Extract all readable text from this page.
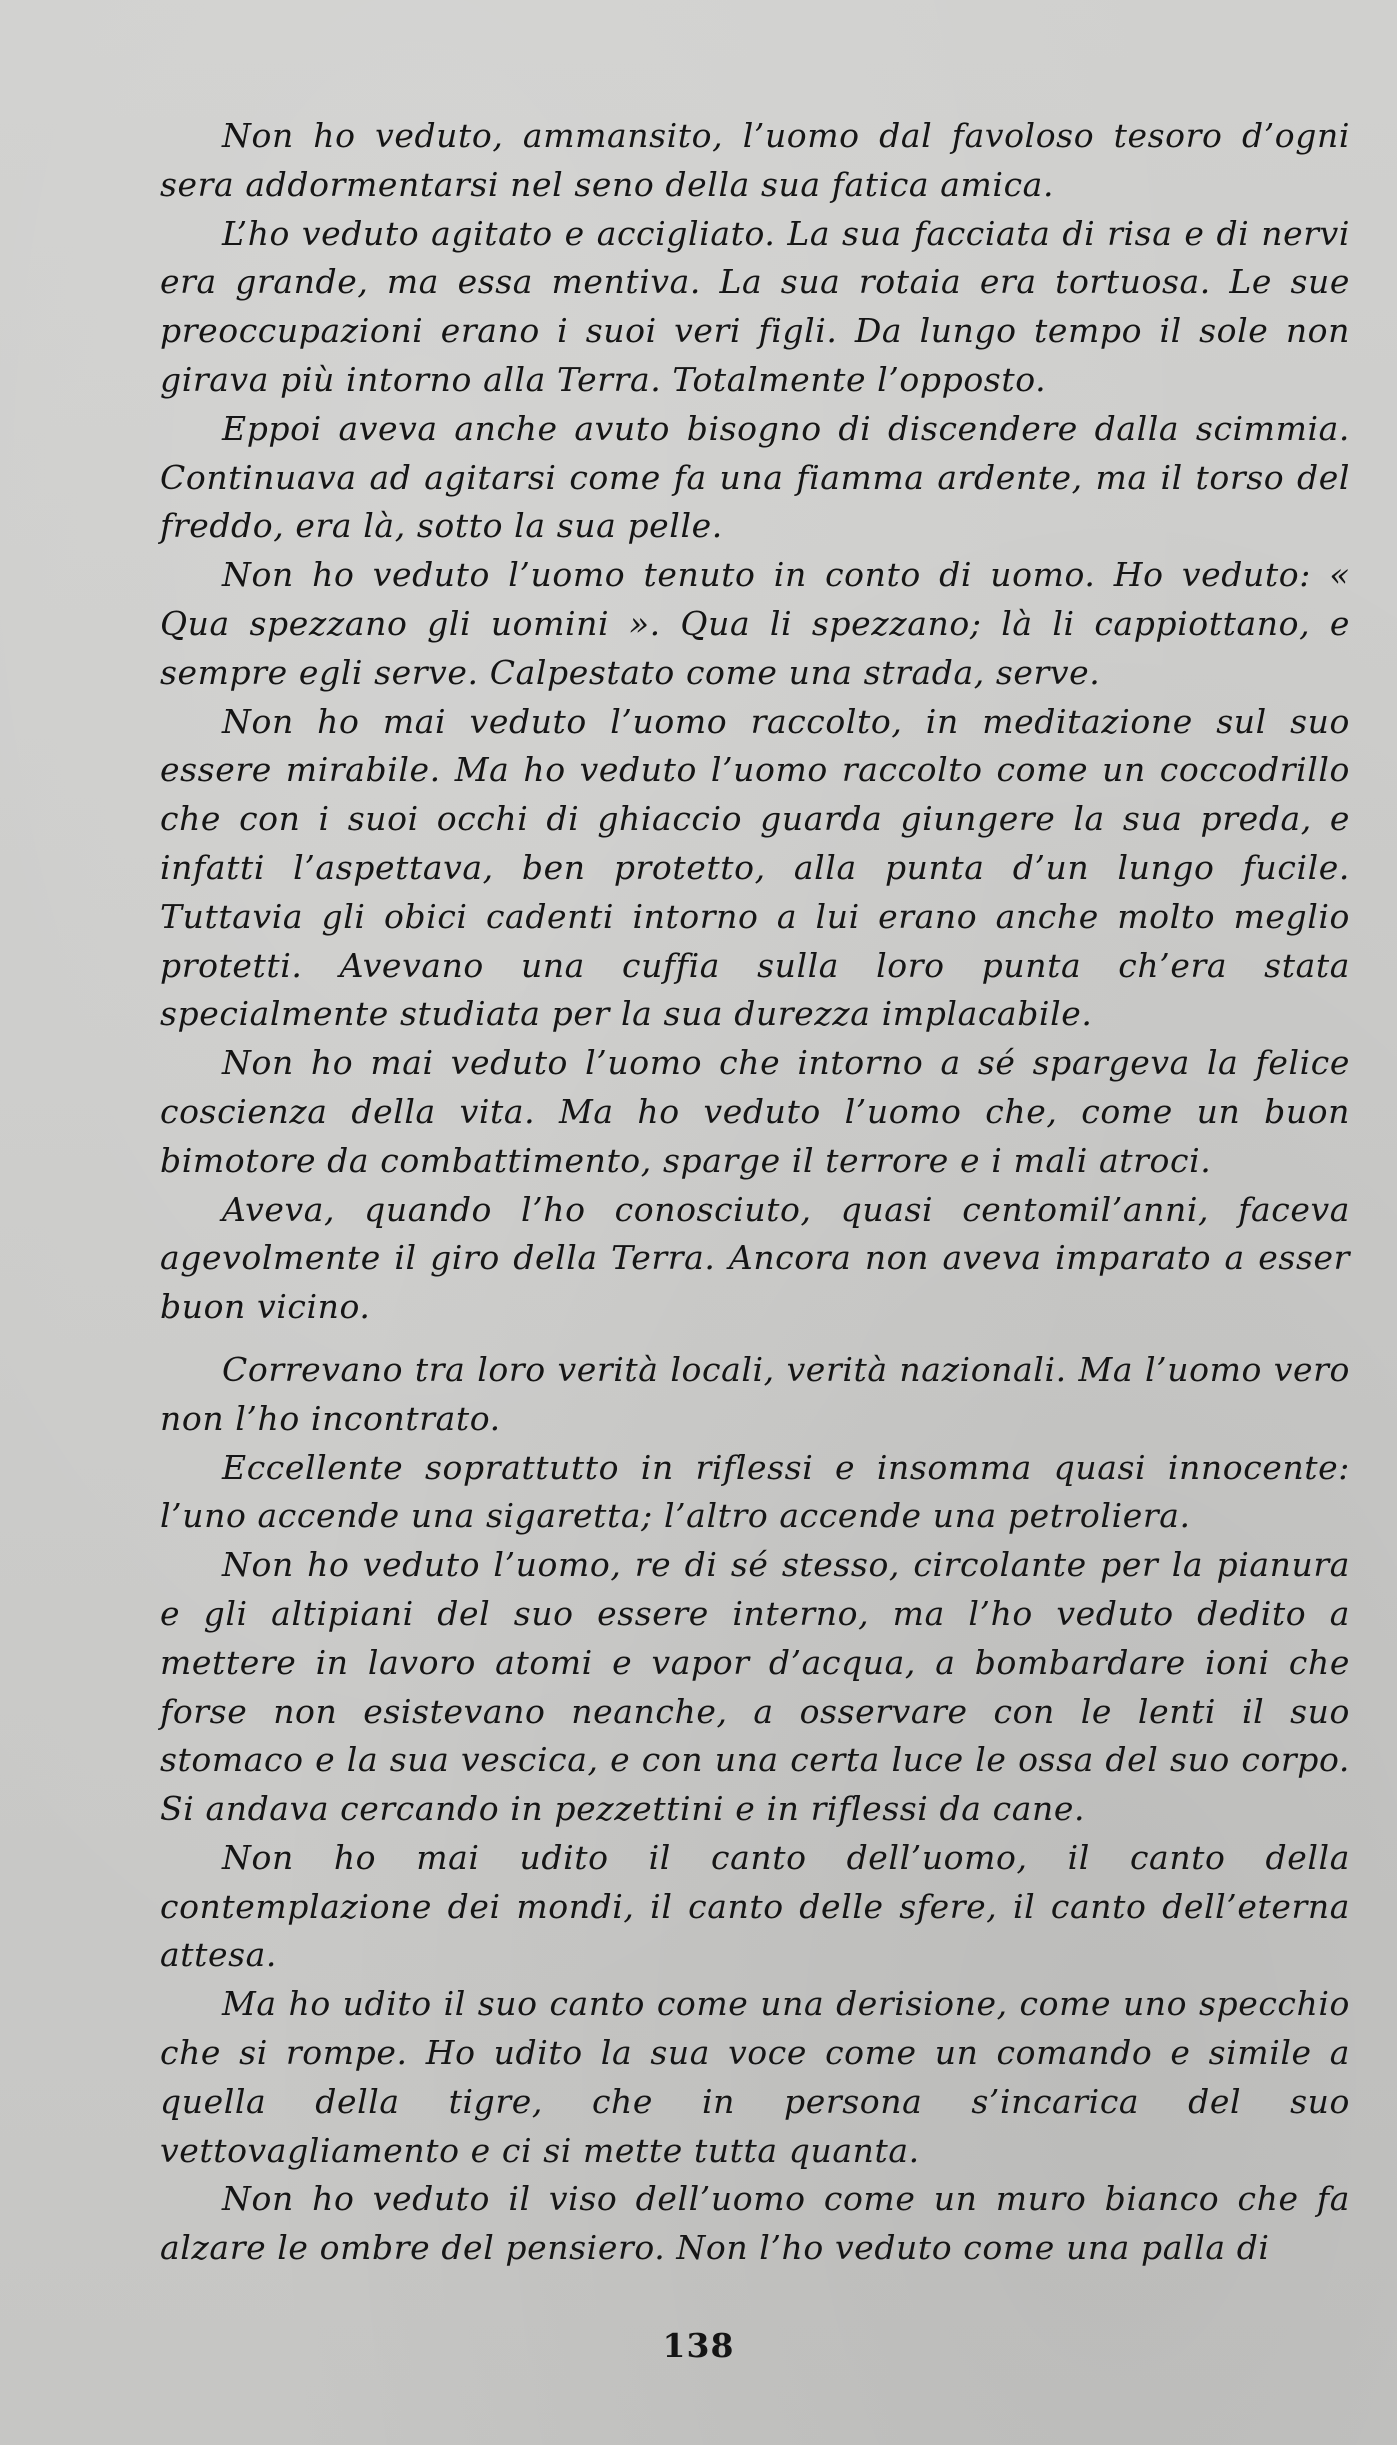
Non ho veduto, ammansito, l’uomo dal favoloso tesoro d’ogni sera addormentarsi nel seno della sua fatica amica.

L’ho veduto agitato e accigliato. La sua facciata di risa e di nervi era grande, ma essa mentiva. La sua rotaia era tortuosa. Le sue preoccupazioni erano i suoi veri figli. Da lungo tempo il sole non girava più intorno alla Terra. Totalmente l’opposto.

Eppoi aveva anche avuto bisogno di discendere dalla scimmia. Continuava ad agitarsi come fa una fiamma ardente, ma il torso del freddo, era là, sotto la sua pelle.

Non ho veduto l’uomo tenuto in conto di uomo. Ho veduto: « Qua spezzano gli uomini ». Qua li spezzano; là li cappiottano, e sempre egli serve. Calpestato come una strada, serve.

Non ho mai veduto l’uomo raccolto, in meditazione sul suo essere mirabile. Ma ho veduto l’uomo raccolto come un coccodrillo che con i suoi occhi di ghiaccio guarda giungere la sua preda, e infatti l’aspettava, ben protetto, alla punta d’un lungo fucile. Tuttavia gli obici cadenti intorno a lui erano anche molto meglio protetti. Avevano una cuffia sulla loro punta ch’era stata specialmente studiata per la sua durezza implacabile.

Non ho mai veduto l’uomo che intorno a sé spargeva la felice coscienza della vita. Ma ho veduto l’uomo che, come un buon bimotore da combattimento, sparge il terrore e i mali atroci.

Aveva, quando l’ho conosciuto, quasi centomil’anni, faceva agevolmente il giro della Terra. Ancora non aveva imparato a esser buon vicino.

Correvano tra loro verità locali, verità nazionali. Ma l’uomo vero non l’ho incontrato.

Eccellente soprattutto in riflessi e insomma quasi innocente: l’uno accende una sigaretta; l’altro accende una petroliera.

Non ho veduto l’uomo, re di sé stesso, circolante per la pianura e gli altipiani del suo essere interno, ma l’ho veduto dedito a mettere in lavoro atomi e vapor d’acqua, a bombardare ioni che forse non esistevano neanche, a osservare con le lenti il suo stomaco e la sua vescica, e con una certa luce le ossa del suo corpo. Si andava cercando in pezzettini e in riflessi da cane.

Non ho mai udito il canto dell’uomo, il canto della contemplazione dei mondi, il canto delle sfere, il canto dell’eterna attesa.

Ma ho udito il suo canto come una derisione, come uno specchio che si rompe. Ho udito la sua voce come un comando e simile a quella della tigre, che in persona s’incarica del suo vettovagliamento e ci si mette tutta quanta.

Non ho veduto il viso dell’uomo come un muro bianco che fa alzare le ombre del pensiero. Non l’ho veduto come una palla di

138
